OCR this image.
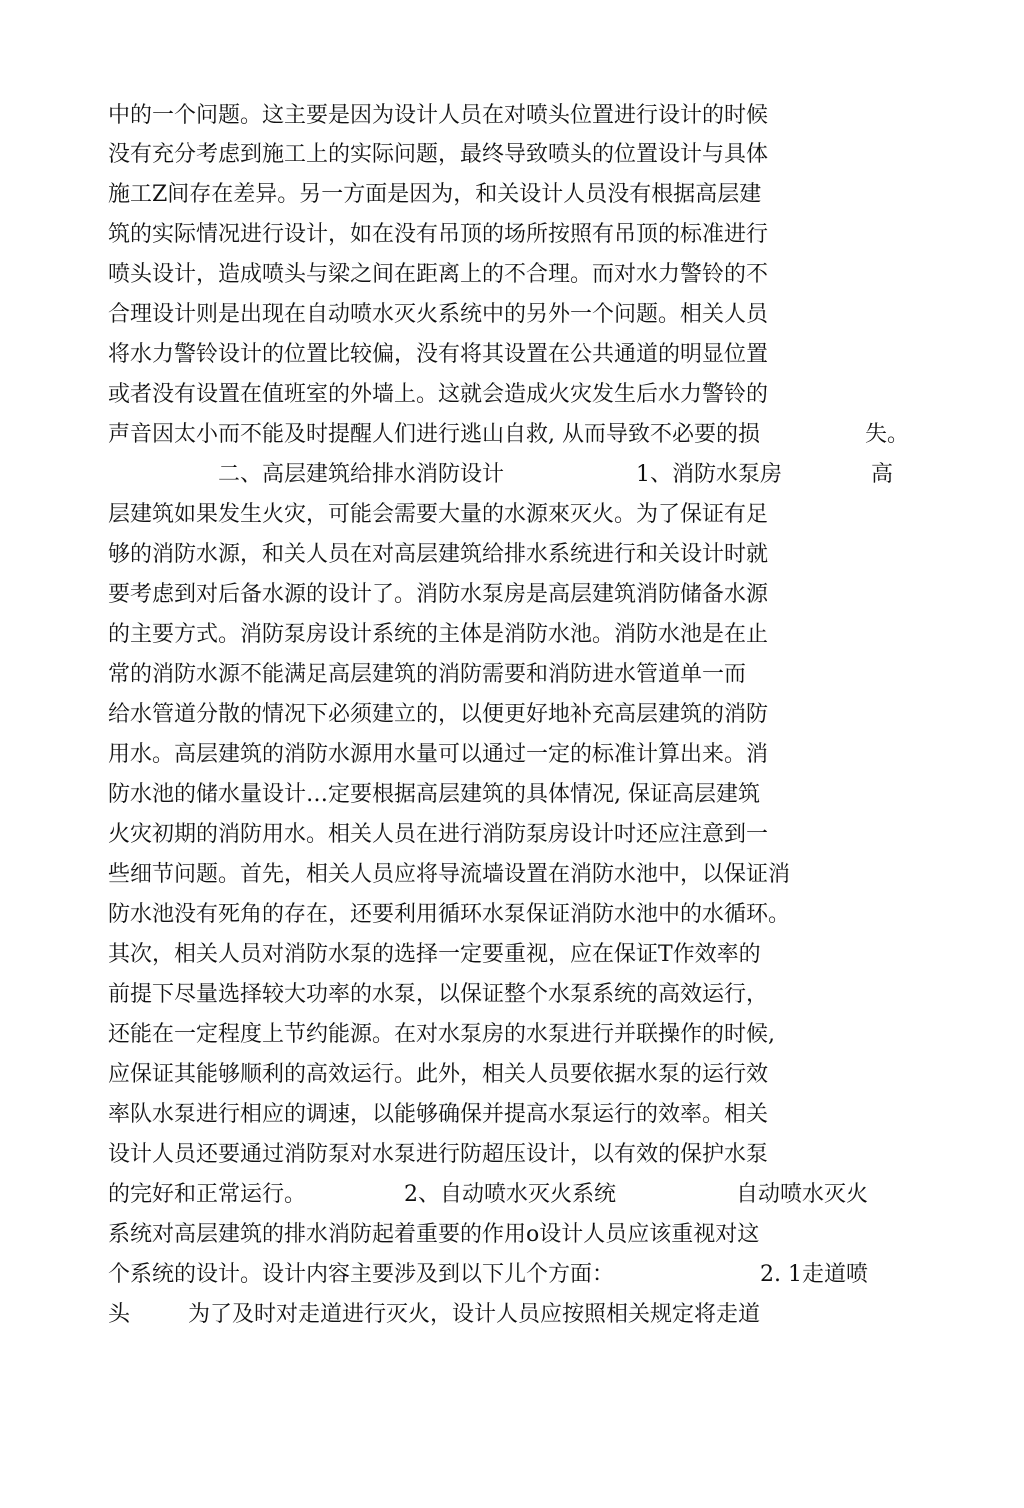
中的一个问题。这主要是因为设计人员在对喷头位置进行设计的时候

没有充分考虑到施工上的实际问题，最终导致喷头的位置设计与具体

施工Z间存在差异。另一方面是因为，和关设计人员没有根据高层建

筑的实际情况进行设计，如在没有吊顶的场所按照有吊顶的标准进行

喷头设计，造成喷头与梁之间在距离上的不合理。而对水力警铃的不

合理设计则是出现在自动喷水灭火系统中的另外一个问题。相关人员

将水力警铃设计的位置比较偏，没有将其设置在公共通道的明显位置

或者没有设置在值班室的外墙上。这就会造成火灾发生后水力警铃的

声音因太小而不能及时提醒人们进行逃山自救, 从而导致不必要的损	失。
二、高层建筑给排水消防设计	1、消防水泵房	高

层建筑如果发生火灾，可能会需要大量的水源來灭火。为了保证有足

够的消防水源，和关人员在对高层建筑给排水系统进行和关设计时就

要考虑到对后备水源的设计了。消防水泵房是高层建筑消防储备水源

的主要方式。消防泵房设计系统的主体是消防水池。消防水池是在止

常的消防水源不能满足高层建筑的消防需要和消防进水管道单一而

给水管道分散的情况下必须建立的，以便更好地补充高层建筑的消防

用水。高层建筑的消防水源用水量可以通过一定的标准计算出来。消

防水池的储水量设计…定要根据高层建筑的具体情况, 保证高层建筑

火灾初期的消防用水。相关人员在进行消防泵房设计吋还应注意到一

些细节问题。首先，相关人员应将导流墙设置在消防水池中，以保证消

防水池没有死角的存在，还要利用循环水泵保证消防水池中的水循环。

其次，相关人员对消防水泵的选择一定要重视，应在保证T作效率的

前提下尽量选择较大功率的水泵，以保证整个水泵系统的高效运行，

还能在一定程度上节约能源。在对水泵房的水泵进行并联操作的时候,

应保证其能够顺利的高效运行。此外，相关人员要依据水泵的运行效

率队水泵进行相应的调速，以能够确保并提高水泵运行的效率。相关

设计人员还要通过消防泵对水泵进行防超压设计，以有效的保护水泵

的完好和正常运行。	2、自动喷水灭火系统	自动喷水灭火

系统对高层建筑的排水消防起着重要的作用o设计人员应该重视对这

个系统的设计。设计内容主要涉及到以下儿个方面：	2. 1走道喷
头	为了及时对走道进行灭火，设计人员应按照相关规定将走道
